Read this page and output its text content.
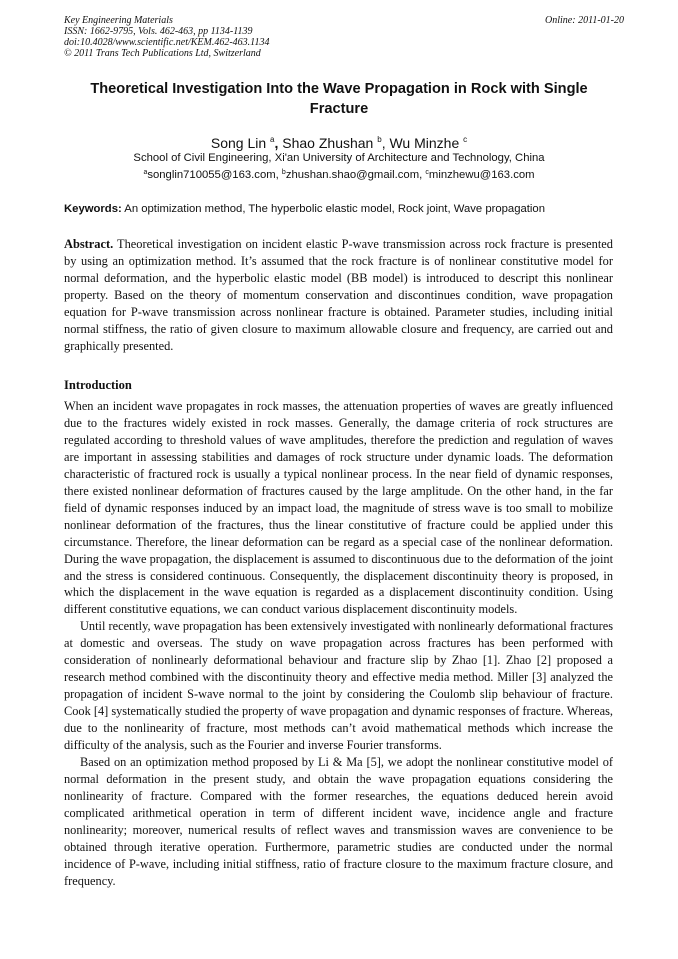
Key Engineering Materials
ISSN: 1662-9795, Vols. 462-463, pp 1134-1139
doi:10.4028/www.scientific.net/KEM.462-463.1134
© 2011 Trans Tech Publications Ltd, Switzerland
Online: 2011-01-20
Theoretical Investigation Into the Wave Propagation in Rock with Single Fracture
Song Lin $^a$, Shao Zhushan $^b$, Wu Minzhe $^c$
School of Civil Engineering, Xi'an University of Architecture and Technology, China
$^a$songlin710055@163.com, $^b$zhushan.shao@gmail.com, $^c$minzhewu@163.com
Keywords: An optimization method, The hyperbolic elastic model, Rock joint, Wave propagation

Abstract. Theoretical investigation on incident elastic P-wave transmission across rock fracture is presented by using an optimization method. It’s assumed that the rock fracture is of nonlinear constitutive model for normal deformation, and the hyperbolic elastic model (BB model) is introduced to descript this nonlinear property. Based on the theory of momentum conservation and discontinues condition, wave propagation equation for P-wave transmission across nonlinear fracture is obtained. Parameter studies, including initial normal stiffness, the ratio of given closure to maximum allowable closure and frequency, are carried out and graphically presented.

Introduction

When an incident wave propagates in rock masses, the attenuation properties of waves are greatly influenced due to the fractures widely existed in rock masses. Generally, the damage criteria of rock structures are regulated according to threshold values of wave amplitudes, therefore the prediction and regulation of waves are important in assessing stabilities and damages of rock structure under dynamic loads. The deformation characteristic of fractured rock is usually a typical nonlinear process. In the near field of dynamic responses, there existed nonlinear deformation of fractures caused by the large amplitude. On the other hand, in the far field of dynamic responses induced by an impact load, the magnitude of stress wave is too small to mobilize nonlinear deformation of the fractures, thus the linear constitutive of fracture could be applied under this circumstance. Therefore, the linear deformation can be regard as a special case of the nonlinear deformation. During the wave propagation, the displacement is assumed to discontinuous due to the deformation of the joint and the stress is considered continuous. Consequently, the displacement discontinuity theory is proposed, in which the displacement in the wave equation is regarded as a displacement discontinuity condition. Using different constitutive equations, we can conduct various displacement discontinuity models.

Until recently, wave propagation has been extensively investigated with nonlinearly deformational fractures at domestic and overseas. The study on wave propagation across fractures has been performed with consideration of nonlinearly deformational behaviour and fracture slip by Zhao [1]. Zhao [2] proposed a research method combined with the discontinuity theory and effective media method. Miller [3] analyzed the propagation of incident S-wave normal to the joint by considering the Coulomb slip behaviour of fracture. Cook [4] systematically studied the property of wave propagation and dynamic responses of fracture. Whereas, due to the nonlinearity of fracture, most methods can’t avoid mathematical methods which increase the difficulty of the analysis, such as the Fourier and inverse Fourier transforms.

Based on an optimization method proposed by Li & Ma [5], we adopt the nonlinear constitutive model of normal deformation in the present study, and obtain the wave propagation equations considering the nonlinearity of fracture. Compared with the former researches, the equations deduced herein avoid complicated arithmetical operation in term of different incident wave, incidence angle and fracture nonlinearity; moreover, numerical results of reflect waves and transmission waves are convenience to be obtained through iterative operation. Furthermore, parametric studies are conducted under the normal incidence of P-wave, including initial stiffness, ratio of fracture closure to the maximum fracture closure, and frequency.
